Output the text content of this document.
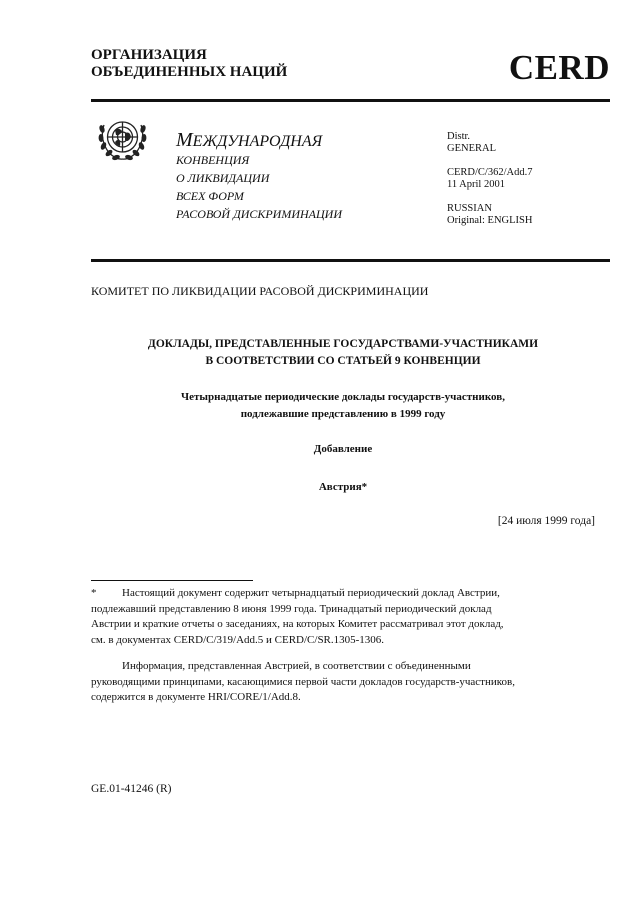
ОРГАНИЗАЦИЯ
ОБЪЕДИНЕННЫХ НАЦИЙ	CERD
МЕЖДУНАРОДНАЯ
КОНВЕНЦИЯ
О ЛИКВИДАЦИИ
ВСЕХ ФОРМ
РАСОВОЙ ДИСКРИМИНАЦИИ
Distr.
GENERAL
CERD/C/362/Add.7
11 April 2001
RUSSIAN
Original: ENGLISH
КОМИТЕТ ПО ЛИКВИДАЦИИ РАСОВОЙ ДИСКРИМИНАЦИИ
ДОКЛАДЫ, ПРЕДСТАВЛЕННЫЕ ГОСУДАРСТВАМИ-УЧАСТНИКАМИ
В СООТВЕТСТВИИ СО СТАТЬЕЙ 9 КОНВЕНЦИИ
Четырнадцатые периодические доклады государств-участников,
подлежавшие представлению в 1999 году
Добавление
Австрия*
[24 июля 1999 года]
* Настоящий документ содержит четырнадцатый периодический доклад Австрии,
подлежавший представлению 8 июня 1999 года. Тринадцатый периодический доклад
Австрии и краткие отчеты о заседаниях, на которых Комитет рассматривал этот доклад,
см. в документах CERD/C/319/Add.5 и CERD/C/SR.1305-1306.
Информация, представленная Австрией, в соответствии с объединенными
руководящими принципами, касающимися первой части докладов государств-участников,
содержится в документе HRI/CORE/1/Add.8.
GE.01-41246 (R)
